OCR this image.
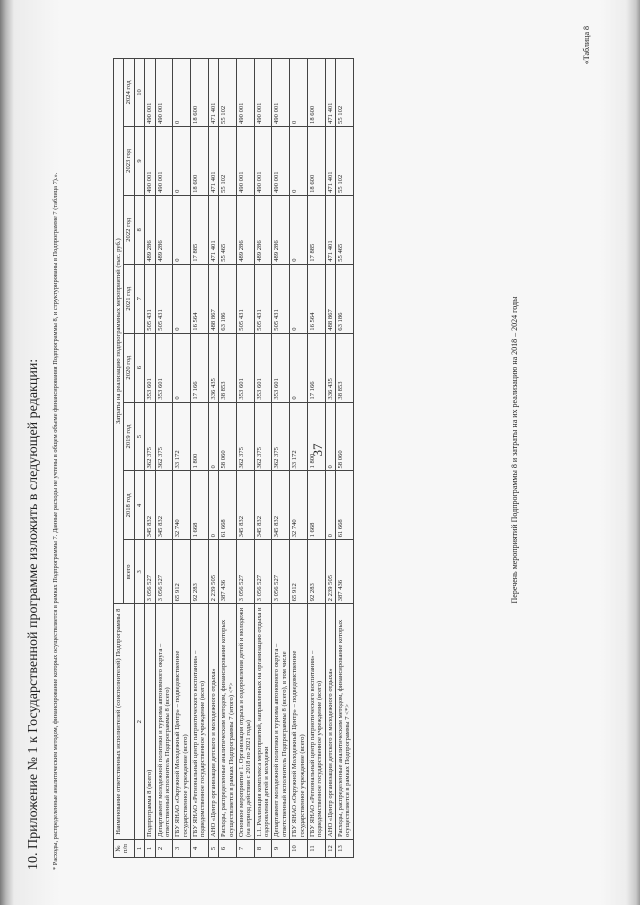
37
«Таблица 8
Перечень мероприятий Подпрограммы 8 и затраты на их реализацию на 2018 – 2024 годы
№ п/п	Наименование ответственных исполнителей (соисполнителей) Подпрограммы 8	Затраты на реализацию подпрограммных мероприятий (тыс. руб.)							
		всего	2018 год	2019 год	2020 год	2021 год	2022 год	2023 год	2024 год
1	2	3	4	5	6	7	8	9	10
1	Подпрограмма 8 (всего)	3 056 527	345 832	362 375	353 601	505 431	489 286	490 001	490 001
2	Департамент молодежной политики и туризма автономного округа – ответственный исполнитель Подпрограммы 8 (всего)	3 056 527	345 832	362 375	353 601	505 431	489 286	490 001	490 001
3	ГБУ ЯНАО «Окружной Молодежный Центр» – подведомственное государственное учреждение (всего)	65 912	32 740	33 172	0	0	0	0	0
4	ГБУ ЯНАО «Региональный центр патриотического воспитания» – подведомственное государственное учреждение (всего)	92 283	1 668	1 800	17 166	16 564	17 885	18 600	18 600
5	АНО «Центр организации детского и молодежного отдыха»	2 239 505	0	0	336 435	488 867	471 401	471 401	471 401
6	Расходы, распределенные аналитическим методом, финансирование которых осуществляется в рамках Подпрограммы 7 (итого) <*>	387 436	61 668	58 060	38 853	63 186	55 465	55 102	55 102
7	Основное мероприятие 1. Организация отдыха и оздоровления детей и молодежи (на период действия с 2018 по 2021 годы)	3 056 527	345 832	362 375	353 601	505 431	489 286	490 001	490 001
8	1.1. Реализация комплекса мероприятий, направленных на организацию отдыха и оздоровления детей и молодежи	3 056 527	345 832	362 375	353 601	505 431	489 286	490 001	490 001
9	Департамент молодежной политики и туризма автономного округа – ответственный исполнитель Подпрограммы 8 (всего), в том числе	3 056 527	345 832	362 375	353 601	505 431	489 286	490 001	490 001
10	ГБУ ЯНАО «Окружной Молодежный Центр» – подведомственное государственное учреждение (всего)	65 912	32 740	33 172	0	0	0	0	0
11	ГБУ ЯНАО «Региональный центр патриотического воспитания» – подведомственное государственное учреждение (всего)	92 283	1 668	1 800	17 166	16 564	17 885	18 600	18 600
12	АНО «Центр организации детского и молодежного отдыха»	2 239 505	0	0	336 435	488 867	471 401	471 401	471 401
13	Расходы, распределенные аналитическим методом, финансирование которых осуществляется в рамках Подпрограммы 7 <*>	387 436	61 668	58 060	38 853	63 186	55 465	55 102	55 102
* Расходы, распределенные аналитическим методом, финансирование которых осуществляется в рамках Подпрограммы 7. Данные расходы не учтены в общем объеме финансирования Подпрограммы 8, и структурированы в Подпрограмме 7 (таблица 7).».
10. Приложение № 1 к Государственной программе изложить в следующей редакции:
